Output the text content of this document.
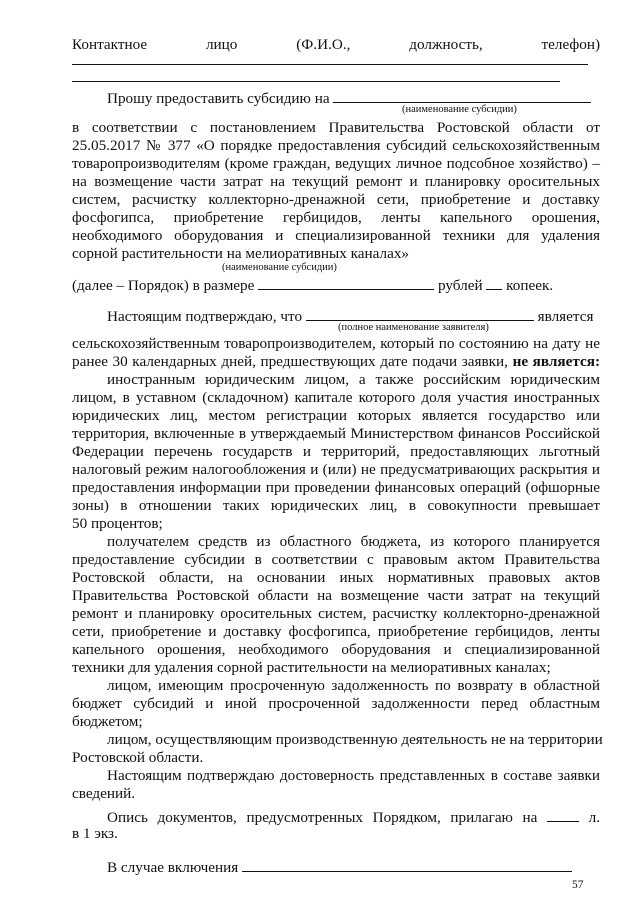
Контактное	лицо	(Ф.И.О.,	должность,	телефон)
Прошу предоставить субсидию на
(наименование субсидии)
в соответствии с постановлением Правительства Ростовской области от
25.05.2017 № 377 «О порядке предоставления субсидий сельскохозяйственным
товаропроизводителям (кроме граждан, ведущих личное подсобное хозяйство) –
на возмещение части затрат на текущий ремонт и планировку оросительных
систем, расчистку коллекторно-дренажной сети, приобретение и доставку
фосфогипса, приобретение гербицидов, ленты капельного орошения,
необходимого оборудования и специализированной техники для удаления
сорной растительности на мелиоративных каналах»
(наименование субсидии)
(далее – Порядок) в размере	рублей копеек.
Настоящим подтверждаю, что	является
(полное наименование заявителя)
сельскохозяйственным товаропроизводителем, который по состоянию на дату не
ранее 30 календарных дней, предшествующих дате подачи заявки, не является:
иностранным юридическим лицом, а также российским юридическим
лицом, в уставном (складочном) капитале которого доля участия иностранных
юридических лиц, местом регистрации которых является государство или
территория, включенные в утверждаемый Министерством финансов Российской
Федерации перечень государств и территорий, предоставляющих льготный
налоговый режим налогообложения и (или) не предусматривающих раскрытия и
предоставления информации при проведении финансовых операций (офшорные
зоны) в отношении таких юридических лиц, в совокупности превышает
50 процентов;
получателем средств из областного бюджета, из которого планируется
предоставление субсидии в соответствии с правовым актом Правительства
Ростовской области, на основании иных нормативных правовых актов
Правительства Ростовской области на возмещение части затрат на текущий
ремонт и планировку оросительных систем, расчистку коллекторно-дренажной
сети, приобретение и доставку фосфогипса, приобретение гербицидов, ленты
капельного орошения, необходимого оборудования и специализированной
техники для удаления сорной растительности на мелиоративных каналах;
лицом, имеющим просроченную задолженность по возврату в областной
бюджет субсидий и иной просроченной задолженности перед областным
бюджетом;
лицом, осуществляющим производственную деятельность не на территории
Ростовской области.
Настоящим подтверждаю достоверность представленных в составе заявки
сведений.
Опись документов, предусмотренных Порядком, прилагаю на	л.
в 1 экз.
В случае включения
57
